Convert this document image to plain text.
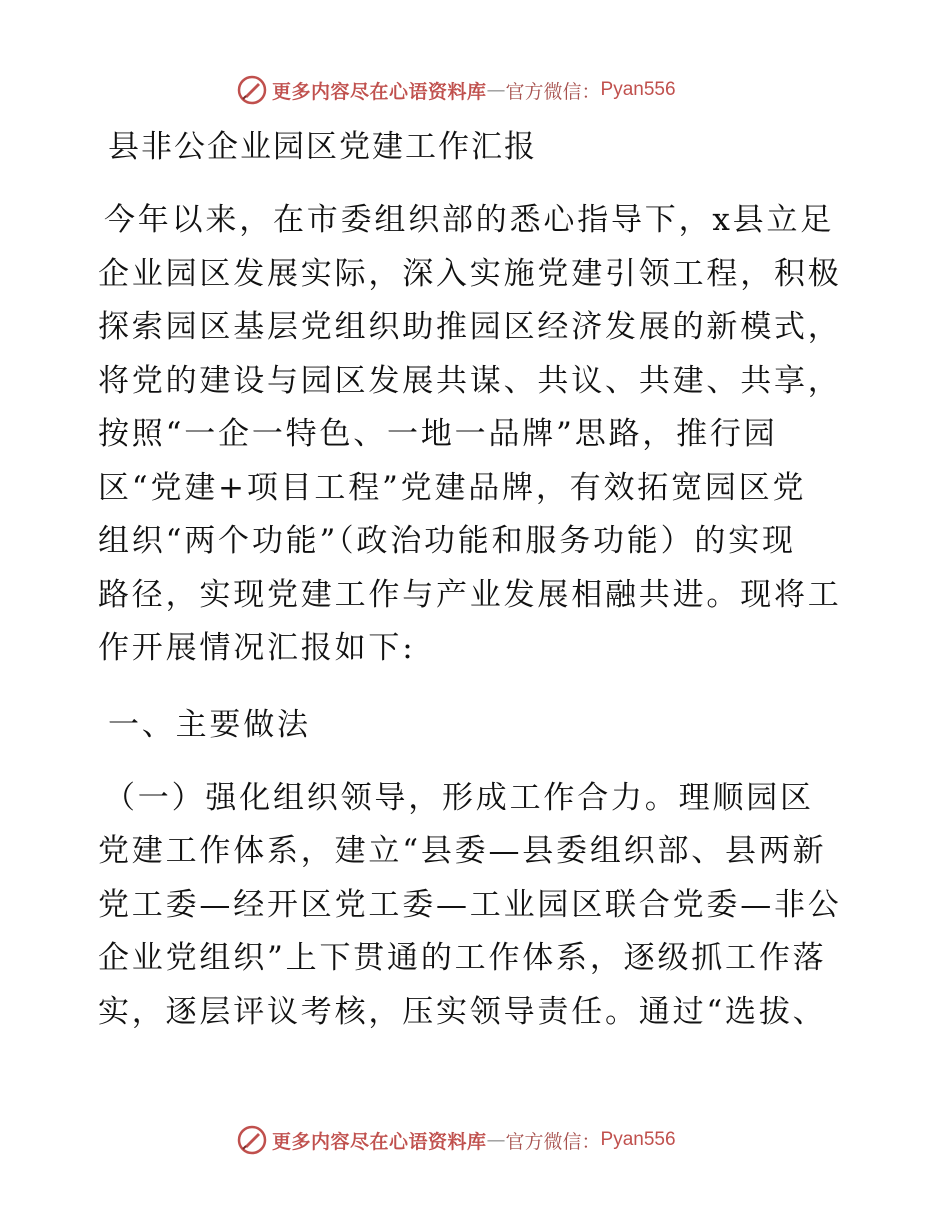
更多内容尽在心语资料库 — 官方微信： Pyan556
县非公企业园区党建工作汇报
今年以来，在市委组织部的悉心指导下，x县立足
企业园区发展实际，深入实施党建引领工程，积极
探索园区基层党组织助推园区经济发展的新模式，
将党的建设与园区发展共谋、共议、共建、共享，
按照“一企一特色、一地一品牌”思路，推行园
区“党建+项目工程”党建品牌，有效拓宽园区党
组织“两个功能”（政治功能和服务功能）的实现
路径，实现党建工作与产业发展相融共进。现将工
作开展情况汇报如下:
一、主要做法
（一）强化组织领导，形成工作合力。理顺园区
党建工作体系，建立“县委—县委组织部、县两新
党工委—经开区党工委—工业园区联合党委—非公
企业党组织”上下贯通的工作体系，逐级抓工作落
实，逐层评议考核，压实领导责任。通过“选拔、
更多内容尽在心语资料库 — 官方微信： Pyan556
